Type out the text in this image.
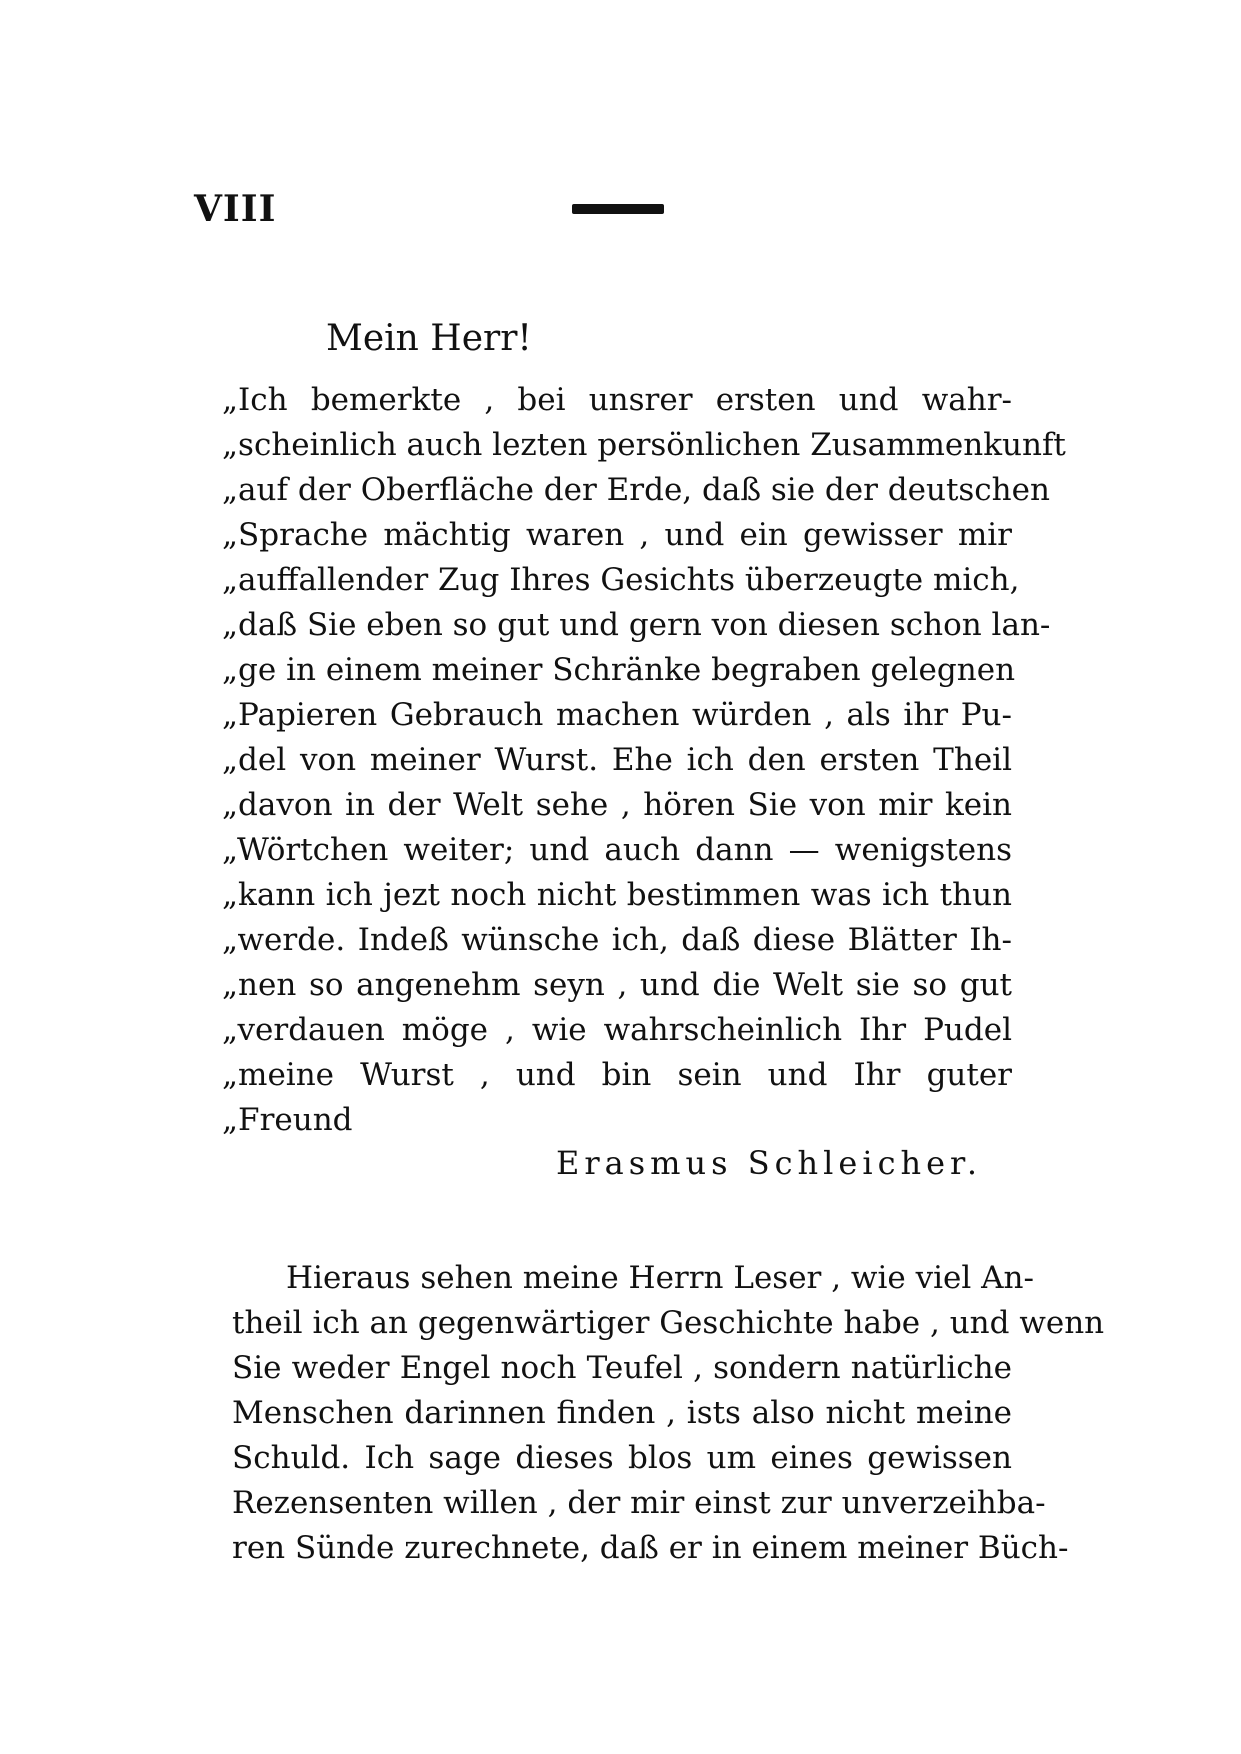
VIII
Mein Herr!
„Ich bemerkte , bei unsrer ersten und wahr-
„scheinlich auch lezten persönlichen Zusammenkunft
„auf der Oberfläche der Erde, daß sie der deutschen
„Sprache mächtig waren , und ein gewisser mir
„auffallender Zug Ihres Gesichts überzeugte mich,
„daß Sie eben so gut und gern von diesen schon lan-
„ge in einem meiner Schränke begraben gelegnen
„Papieren Gebrauch machen würden , als ihr Pu-
„del von meiner Wurst. Ehe ich den ersten Theil
„davon in der Welt sehe , hören Sie von mir kein
„Wörtchen weiter; und auch dann — wenigstens
„kann ich jezt noch nicht bestimmen was ich thun
„werde. Indeß wünsche ich, daß diese Blätter Ih-
„nen so angenehm seyn , und die Welt sie so gut
„verdauen möge , wie wahrscheinlich Ihr Pudel
„meine Wurst , und bin sein und Ihr guter
„Freund
Erasmus Schleicher.
Hieraus sehen meine Herrn Leser , wie viel An-
theil ich an gegenwärtiger Geschichte habe , und wenn
Sie weder Engel noch Teufel , sondern natürliche
Menschen darinnen finden , ists also nicht meine
Schuld. Ich sage dieses blos um eines gewissen
Rezensenten willen , der mir einst zur unverzeihba-
ren Sünde zurechnete, daß er in einem meiner Büch-
